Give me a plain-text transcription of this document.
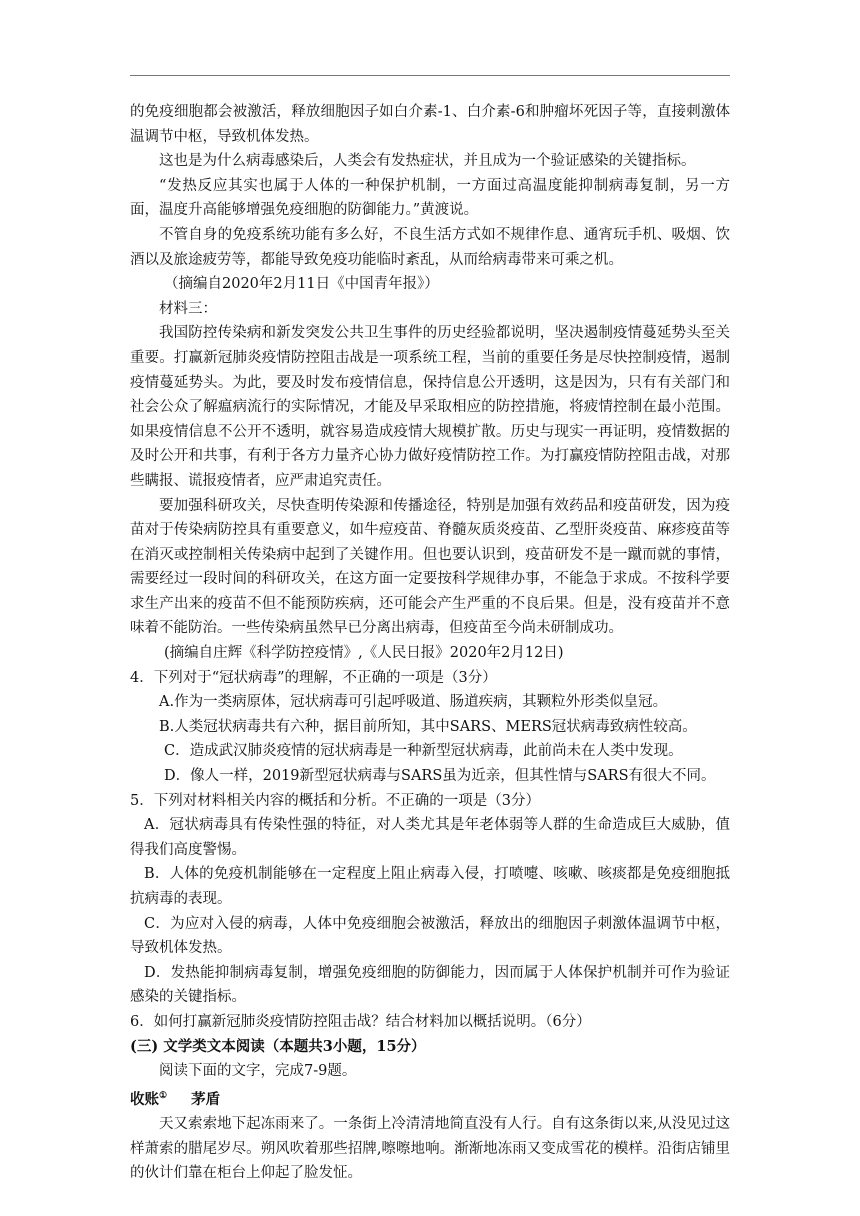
的免疫细胞都会被激活，释放细胞因子如白介素-1、白介素-6和肿瘤坏死因子等，直接刺激体温调节中枢，导致机体发热。

这也是为什么病毒感染后，人类会有发热症状，并且成为一个验证感染的关键指标。

“发热反应其实也属于人体的一种保护机制，一方面过高温度能抑制病毒复制，另一方面，温度升高能够增强免疫细胞的防御能力。”黄渡说。

不管自身的免疫系统功能有多么好，不良生活方式如不规律作息、通宵玩手机、吸烟、饮酒以及旅途疲劳等，都能导致免疫功能临时紊乱，从而给病毒带来可乘之机。

（摘编自2020年2月11日《中国青年报》）

材料三：

我国防控传染病和新发突发公共卫生事件的历史经验都说明，坚决遏制疫情蔓延势头至关重要。打赢新冠肺炎疫情防控阻击战是一项系统工程，当前的重要任务是尽快控制疫情，遏制疫情蔓延势头。为此，要及时发布疫情信息，保持信息公开透明，这是因为，只有有关部门和社会公众了解瘟病流行的实际情况，才能及早采取相应的防控措施，将疲情控制在最小范围。如果疫情信息不公开不透明，就容易造成疫情大规模扩散。历史与现实一再证明，疫情数据的及时公开和共事，有利于各方力量齐心协力做好疫情防控工作。为打赢疫情防控阻击战，对那些瞒报、谎报疫情者，应严肃追究责任。

要加强科研攻关，尽快查明传染源和传播途径，特别是加强有效药品和疫苗研发，因为疫苗对于传染病防控具有重要意义，如牛痘疫苗、脊髓灰质炎疫苗、乙型肝炎疫苗、麻疹疫苗等在消灭或控制相关传染病中起到了关键作用。但也要认识到，疫苗研发不是一蹴而就的事情，需要经过一段时间的科研攻关，在这方面一定要按科学规律办事，不能急于求成。不按科学要求生产出来的疫苗不但不能预防疾病，还可能会产生严重的不良后果。但是，没有疫苗并不意味着不能防治。一些传染病虽然早已分离出病毒，但疫苗至今尚未研制成功。

(摘编自庄辉《科学防控疫情》,《人民日报》2020年2月12日)

4．下列对于“冠状病毒”的理解，不正确的一项是（3分）

A.作为一类病原体，冠状病毒可引起呼吸道、肠道疾病，其颗粒外形类似皇冠。

B.人类冠状病毒共有六种，据目前所知，其中SARS、MERS冠状病毒致病性较高。

C．造成武汉肺炎疫情的冠状病毒是一种新型冠状病毒，此前尚未在人类中发现。

D．像人一样，2019新型冠状病毒与SARS虽为近亲，但其性情与SARS有很大不同。

5．下列对材料相关内容的概括和分析。不正确的一项是（3分）

A．冠状病毒具有传染性强的特征，对人类尤其是年老体弱等人群的生命造成巨大威胁，值得我们高度警惕。

B．人体的免疫机制能够在一定程度上阻止病毒入侵，打喷嚏、咳嗽、咳痰都是免疫细胞抵抗病毒的表现。

C．为应对入侵的病毒，人体中免疫细胞会被激活，释放出的细胞因子刺激体温调节中枢，导致机体发热。

D．发热能抑制病毒复制，增强免疫细胞的防御能力，因而属于人体保护机制并可作为验证感染的关键指标。

6．如何打赢新冠肺炎疫情防控阻击战？结合材料加以概括说明。（6分）

(三) 文学类文本阅读（本题共3小题，15分）

阅读下面的文字，完成7-9题。

收账① 茅盾

天又索索地下起冻雨来了。一条街上冷清清地简直没有人行。自有这条街以来,从没见过这样萧索的腊尾岁尽。朔风吹着那些招牌,嚓嚓地响。渐渐地冻雨又变成雪花的模样。沿街店铺里的伙计们靠在柜台上仰起了脸发怔。
